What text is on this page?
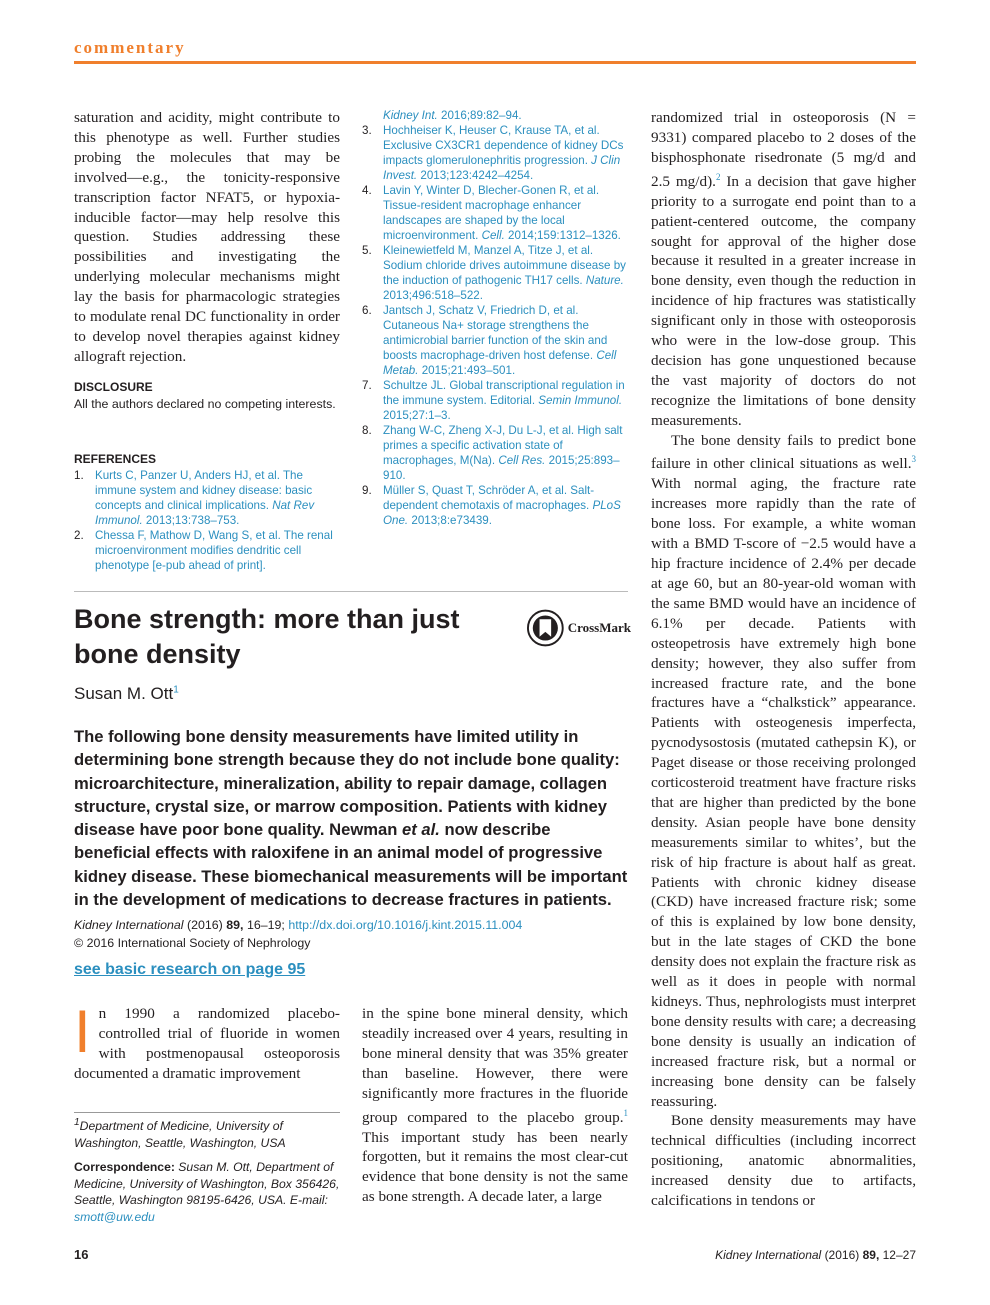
commentary

saturation and acidity, might contribute to this phenotype as well. Further studies probing the molecules that may be involved—e.g., the tonicity-responsive transcription factor NFAT5, or hypoxia-inducible factor—may help resolve this question. Studies addressing these possibilities and investigating the underlying molecular mechanisms might lay the basis for pharmacologic strategies to modulate renal DC functionality in order to develop novel therapies against kidney allograft rejection.

DISCLOSURE
All the authors declared no competing interests.
REFERENCES
1. Kurts C, Panzer U, Anders HJ, et al. The immune system and kidney disease: basic concepts and clinical implications. Nat Rev Immunol. 2013;13:738–753.
2. Chessa F, Mathow D, Wang S, et al. The renal microenvironment modifies dendritic cell phenotype [e-pub ahead of print].
Kidney Int. 2016;89:82–94.
3. Hochheiser K, Heuser C, Krause TA, et al. Exclusive CX3CR1 dependence of kidney DCs impacts glomerulonephritis progression. J Clin Invest. 2013;123:4242–4254.
4. Lavin Y, Winter D, Blecher-Gonen R, et al. Tissue-resident macrophage enhancer landscapes are shaped by the local microenvironment. Cell. 2014;159:1312–1326.
5. Kleinewietfeld M, Manzel A, Titze J, et al. Sodium chloride drives autoimmune disease by the induction of pathogenic TH17 cells. Nature. 2013;496:518–522.
6. Jantsch J, Schatz V, Friedrich D, et al. Cutaneous Na+ storage strengthens the antimicrobial barrier function of the skin and boosts macrophage-driven host defense. Cell Metab. 2015;21:493–501.
7. Schultze JL. Global transcriptional regulation in the immune system. Editorial. Semin Immunol. 2015;27:1–3.
8. Zhang W-C, Zheng X-J, Du L-J, et al. High salt primes a specific activation state of macrophages, M(Na). Cell Res. 2015;25:893–910.
9. Müller S, Quast T, Schröder A, et al. Salt-dependent chemotaxis of macrophages. PLoS One. 2013;8:e73439.

randomized trial in osteoporosis (N = 9331) compared placebo to 2 doses of the bisphosphonate risedronate (5 mg/d and 2.5 mg/d).$^2$ In a decision that gave higher priority to a surrogate end point than to a patient-centered outcome, the company sought for approval of the higher dose because it resulted in a greater increase in bone density, even though the reduction in incidence of hip fractures was statistically significant only in those with osteoporosis who were in the low-dose group. This decision has gone unquestioned because the vast majority of doctors do not recognize the limitations of bone density measurements.

The bone density fails to predict bone failure in other clinical situations as well.$^3$ With normal aging, the fracture rate increases more rapidly than the rate of bone loss. For example, a white woman with a BMD T-score of −2.5 would have a hip fracture incidence of 2.4% per decade at age 60, but an 80-year-old woman with the same BMD would have an incidence of 6.1% per decade. Patients with osteopetrosis have extremely high bone density; however, they also suffer from increased fracture rate, and the bone fractures have a “chalkstick” appearance. Patients with osteogenesis imperfecta, pycnodysostosis (mutated cathepsin K), or Paget disease or those receiving prolonged corticosteroid treatment have fracture risks that are higher than predicted by the bone density. Asian people have bone density measurements similar to whites’, but the risk of hip fracture is about half as great. Patients with chronic kidney disease (CKD) have increased fracture risk; some of this is explained by low bone density, but in the late stages of CKD the bone density does not explain the fracture risk as well as it does in people with normal kidneys. Thus, nephrologists must interpret bone density results with care; a decreasing bone density is usually an indication of increased fracture risk, but a normal or increasing bone density can be falsely reassuring.

Bone density measurements may have technical difficulties (including incorrect positioning, anatomic abnormalities, increased density due to artifacts, calcifications in tendons or

Bone strength: more than just bone density
CrossMark
Susan M. Ott$^1$
The following bone density measurements have limited utility in determining bone strength because they do not include bone quality: microarchitecture, mineralization, ability to repair damage, collagen structure, crystal size, or marrow composition. Patients with kidney disease have poor bone quality. Newman et al. now describe beneficial effects with raloxifene in an animal model of progressive kidney disease. These biomechanical measurements will be important in the development of medications to decrease fractures in patients.
Kidney International (2016) 89, 16–19; http://dx.doi.org/10.1016/j.kint.2015.11.004
© 2016 International Society of Nephrology
see basic research on page 95

In 1990 a randomized placebo-controlled trial of fluoride in women with postmenopausal osteoporosis documented a dramatic improvement

$^1$Department of Medicine, University of Washington, Seattle, Washington, USA
Correspondence: Susan M. Ott, Department of Medicine, University of Washington, Box 356426, Seattle, Washington 98195-6426, USA. E-mail: smott@uw.edu

in the spine bone mineral density, which steadily increased over 4 years, resulting in bone mineral density that was 35% greater than baseline. However, there were significantly more fractures in the fluoride group compared to the placebo group.$^1$ This important study has been nearly forgotten, but it remains the most clear-cut evidence that bone density is not the same as bone strength. A decade later, a large

16	Kidney International (2016) 89, 12–27
